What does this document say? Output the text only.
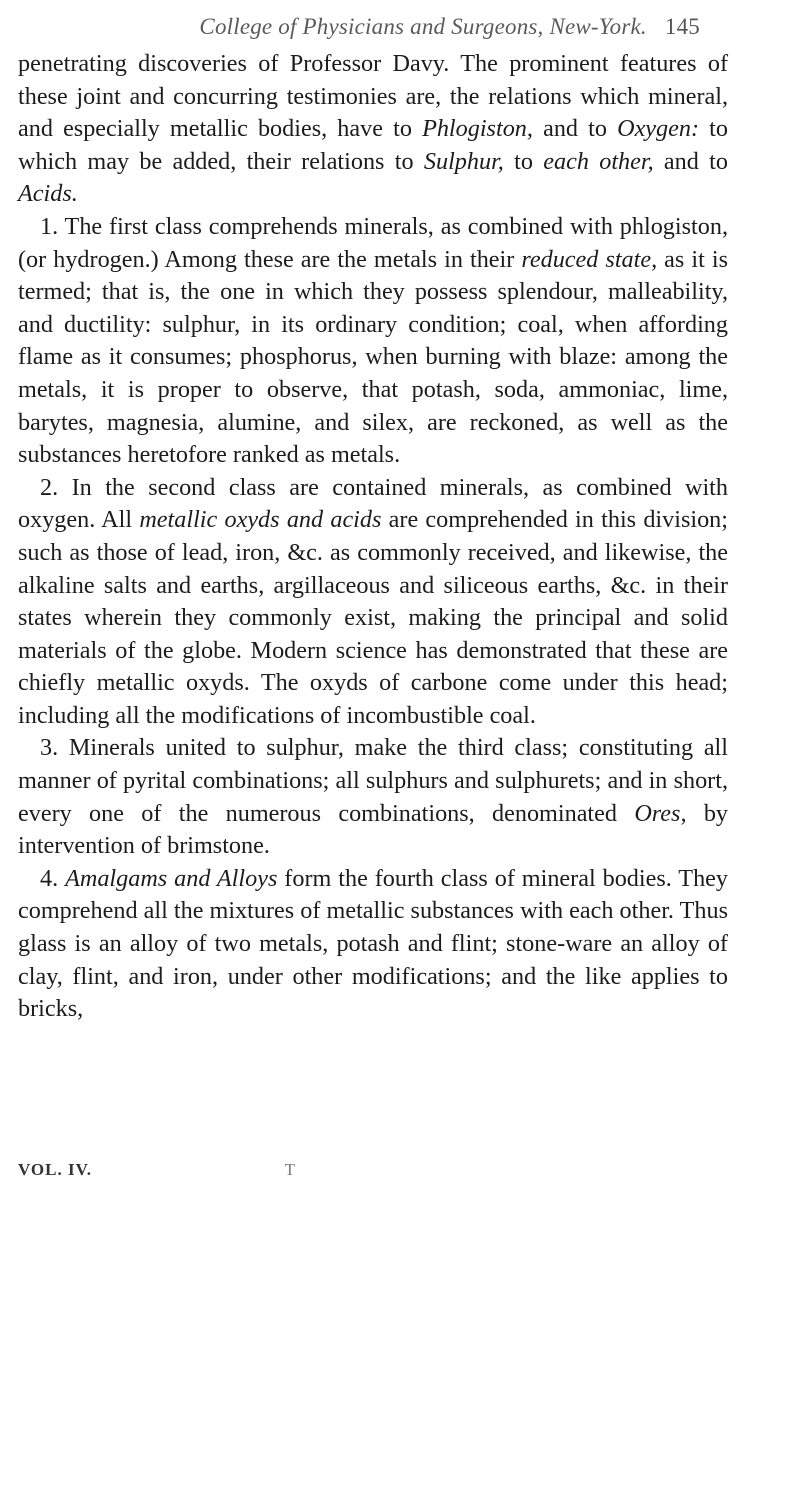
College of Physicians and Surgeons, New-York. 145

penetrating discoveries of Professor Davy. The prominent features of these joint and concurring testimonies are, the relations which mineral, and especially metallic bodies, have to Phlogiston, and to Oxygen: to which may be added, their relations to Sulphur, to each other, and to Acids.

1. The first class comprehends minerals, as combined with phlogiston, (or hydrogen.) Among these are the metals in their reduced state, as it is termed; that is, the one in which they possess splendour, malleability, and ductility: sulphur, in its ordinary condition; coal, when affording flame as it consumes; phosphorus, when burning with blaze: among the metals, it is proper to observe, that potash, soda, ammoniac, lime, barytes, magnesia, alumine, and silex, are reckoned, as well as the substances heretofore ranked as metals.

2. In the second class are contained minerals, as combined with oxygen. All metallic oxyds and acids are comprehended in this division; such as those of lead, iron, &c. as commonly received, and likewise, the alkaline salts and earths, argillaceous and siliceous earths, &c. in their states wherein they commonly exist, making the principal and solid materials of the globe. Modern science has demonstrated that these are chiefly metallic oxyds. The oxyds of carbone come under this head; including all the modifications of incombustible coal.

3. Minerals united to sulphur, make the third class; constituting all manner of pyrital combinations; all sulphurs and sulphurets; and in short, every one of the numerous combinations, denominated Ores, by intervention of brimstone.

4. Amalgams and Alloys form the fourth class of mineral bodies. They comprehend all the mixtures of metallic substances with each other. Thus glass is an alloy of two metals, potash and flint; stone-ware an alloy of clay, flint, and iron, under other modifications; and the like applies to bricks,

VOL. IV.	T
